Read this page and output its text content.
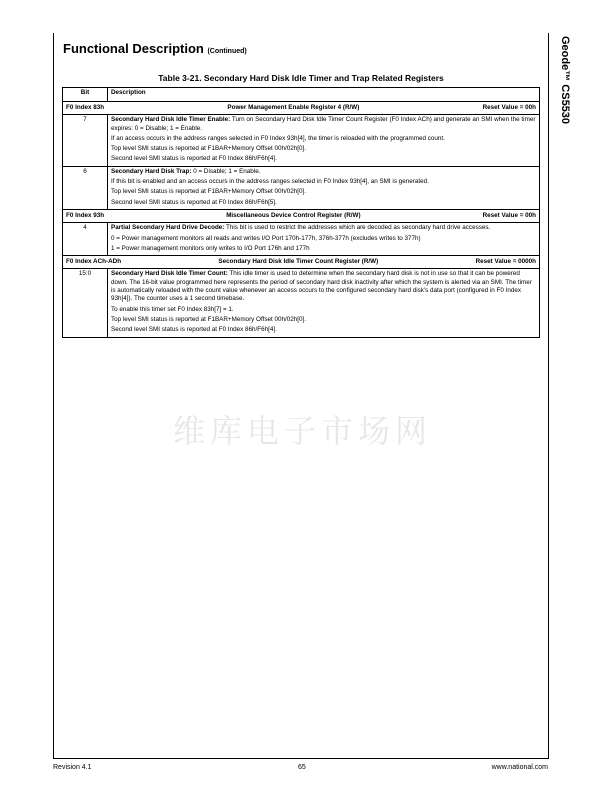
Geode™ CS5530
Functional Description (Continued)
Table 3-21. Secondary Hard Disk Idle Timer and Trap Related Registers
Bit	Description

F0 Index 83h Power Management Enable Register 4 (R/W) Reset Value = 00h	

7	Secondary Hard Disk Idle Timer Enable: Turn on Secondary Hard Disk Idle Timer Count Register (F0 Index ACh) and generate an SMI when the timer expires: 0 = Disable; 1 = Enable.

If an access occurs in the address ranges selected in F0 Index 93h[4], the timer is reloaded with the programmed count.

Top level SMI status is reported at F1BAR+Memory Offset 00h/02h[0].

Second level SMI status is reported at F0 Index 86h/F6h[4].

6	Secondary Hard Disk Trap: 0 = Disable; 1 = Enable.

If this bit is enabled and an access occurs in the address ranges selected in F0 Index 93h[4], an SMI is generated.

Top level SMI status is reported at F1BAR+Memory Offset 00h/02h[0].

Second level SMI status is reported at F0 Index 86h/F6h[5].

F0 Index 93h Miscellaneous Device Control Register (R/W) Reset Value = 00h	

4	Partial Secondary Hard Drive Decode: This bit is used to restrict the addresses which are decoded as secondary hard drive accesses.

0 = Power management monitors all reads and writes I/O Port 170h-177h, 376h-377h (excludes writes to 377h)

1 = Power management monitors only writes to I/O Port 176h and 177h

F0 Index ACh-ADh Secondary Hard Disk Idle Timer Count Register (R/W) Reset Value = 0000h	

15:0	Secondary Hard Disk Idle Timer Count: This idle timer is used to determine when the secondary hard disk is not in use so that it can be powered down. The 16-bit value programmed here represents the period of secondary hard disk inactivity after which the system is alerted via an SMI. The timer is automatically reloaded with the count value whenever an access occurs to the configured secondary hard disk's data port (configured in F0 Index 93h[4]). The counter uses a 1 second timebase.

To enable this timer set F0 Index 83h[7] = 1.

Top level SMI status is reported at F1BAR+Memory Offset 00h/02h[0].

Second level SMI status is reported at F0 Index 86h/F6h[4].

维库电子市场网
Revision 4.1	65	www.national.com
